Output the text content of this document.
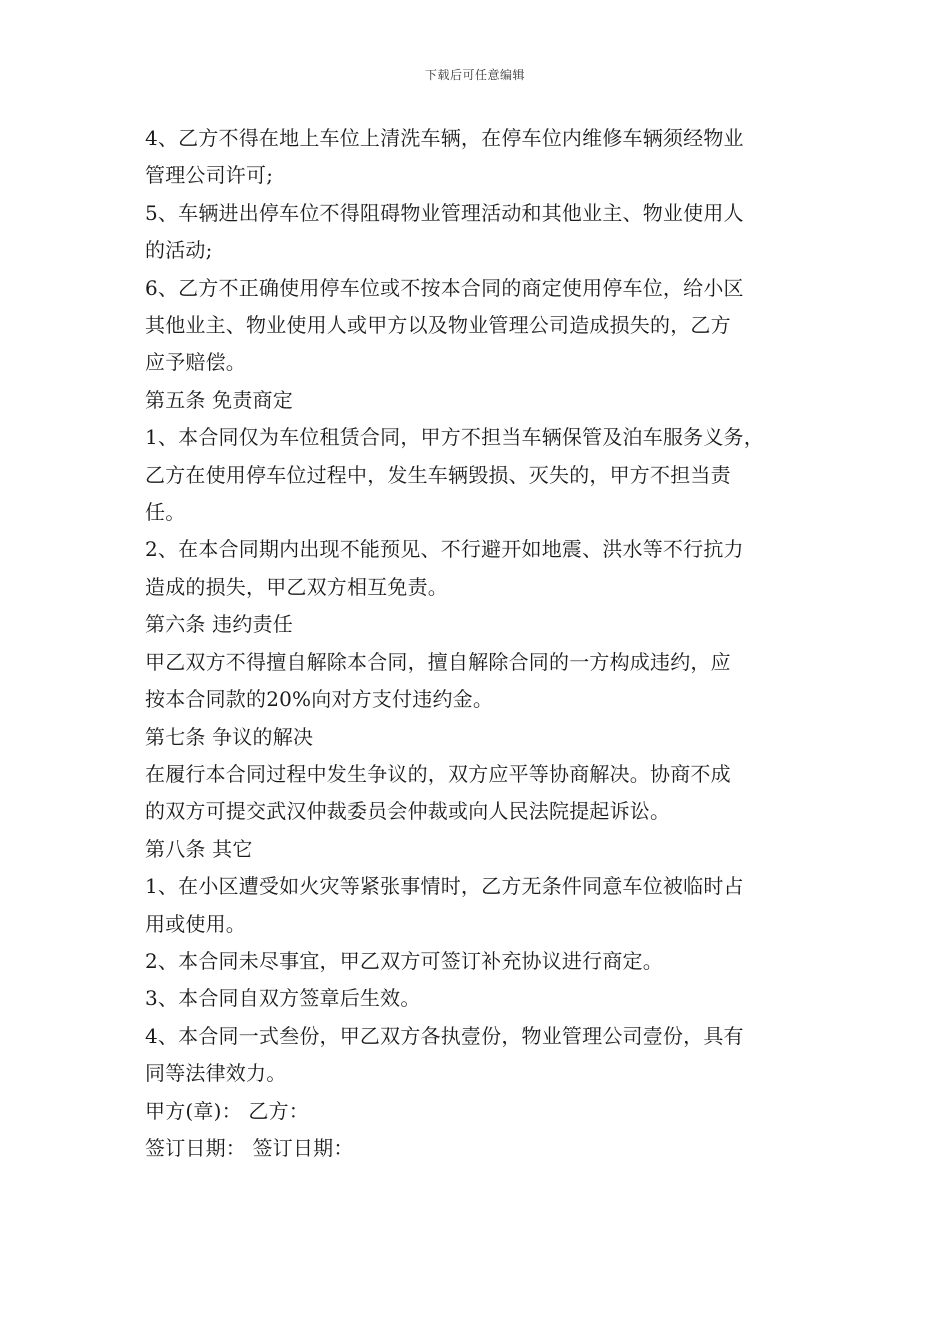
下载后可任意编辑
4、乙方不得在地上车位上清洗车辆，在停车位内维修车辆须经物业
管理公司许可;
5、车辆进出停车位不得阻碍物业管理活动和其他业主、物业使用人
的活动;
6、乙方不正确使用停车位或不按本合同的商定使用停车位，给小区
其他业主、物业使用人或甲方以及物业管理公司造成损失的，乙方
应予赔偿。
第五条 免责商定
1、本合同仅为车位租赁合同，甲方不担当车辆保管及泊车服务义务，
乙方在使用停车位过程中，发生车辆毁损、灭失的，甲方不担当责
任。
2、在本合同期内出现不能预见、不行避开如地震、洪水等不行抗力
造成的损失，甲乙双方相互免责。
第六条 违约责任
甲乙双方不得擅自解除本合同，擅自解除合同的一方构成违约，应
按本合同款的20%向对方支付违约金。
第七条 争议的解决
在履行本合同过程中发生争议的，双方应平等协商解决。协商不成
的双方可提交武汉仲裁委员会仲裁或向人民法院提起诉讼。
第八条 其它
1、在小区遭受如火灾等紧张事情时，乙方无条件同意车位被临时占
用或使用。
2、本合同未尽事宜，甲乙双方可签订补充协议进行商定。
3、本合同自双方签章后生效。
4、本合同一式叁份，甲乙双方各执壹份，物业管理公司壹份，具有
同等法律效力。
甲方(章)： 乙方：
签订日期： 签订日期：
